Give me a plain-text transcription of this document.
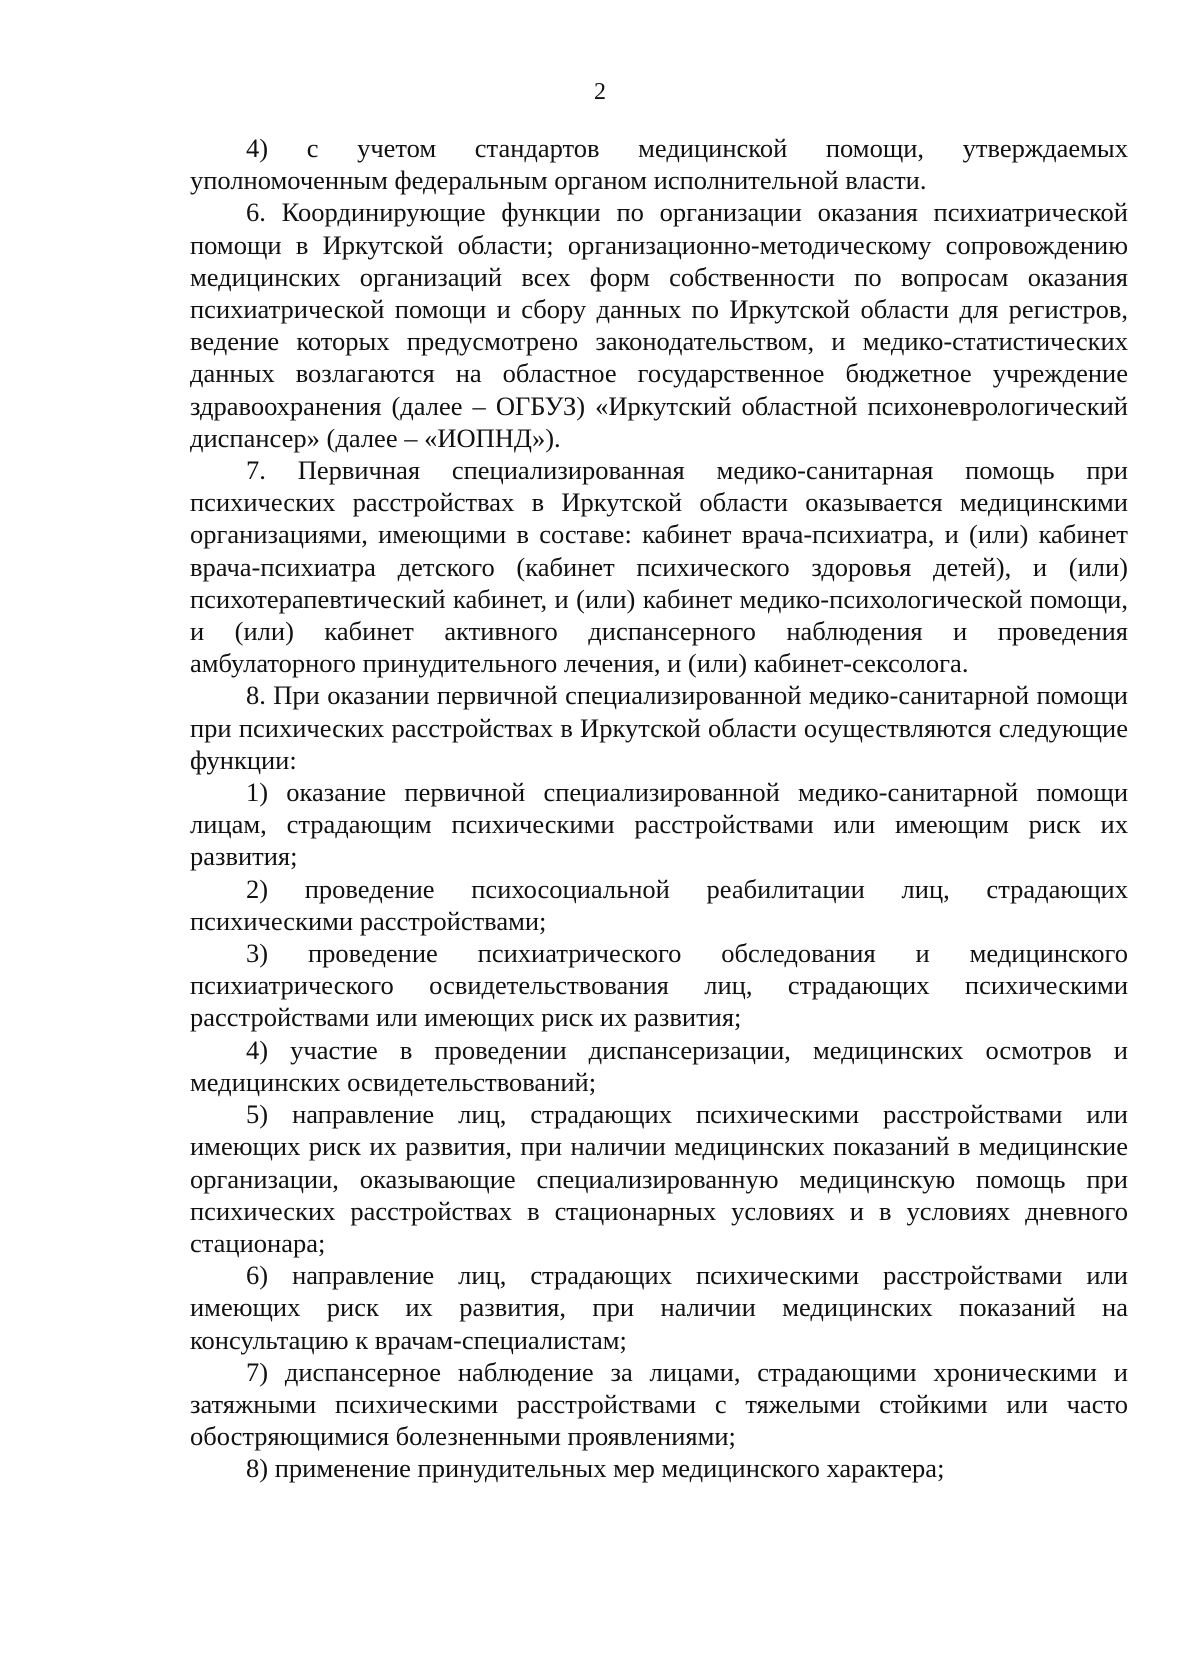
2

4) с учетом стандартов медицинской помощи, утверждаемых уполномоченным федеральным органом исполнительной власти.

6. Координирующие функции по организации оказания психиатрической помощи в Иркутской области; организационно-методическому сопровождению медицинских организаций всех форм собственности по вопросам оказания психиатрической помощи и сбору данных по Иркутской области для регистров, ведение которых предусмотрено законодательством, и медико-статистических данных возлагаются на областное государственное бюджетное учреждение здравоохранения (далее – ОГБУЗ) «Иркутский областной психоневрологический диспансер» (далее – «ИОПНД»).

7. Первичная специализированная медико-санитарная помощь при психических расстройствах в Иркутской области оказывается медицинскими организациями, имеющими в составе: кабинет врача-психиатра, и (или) кабинет врача-психиатра детского (кабинет психического здоровья детей), и (или) психотерапевтический кабинет, и (или) кабинет медико-психологической помощи, и (или) кабинет активного диспансерного наблюдения и проведения амбулаторного принудительного лечения, и (или) кабинет-сексолога.

8. При оказании первичной специализированной медико-санитарной помощи при психических расстройствах в Иркутской области осуществляются следующие функции:

1) оказание первичной специализированной медико-санитарной помощи лицам, страдающим психическими расстройствами или имеющим риск их развития;

2) проведение психосоциальной реабилитации лиц, страдающих психическими расстройствами;

3) проведение психиатрического обследования и медицинского психиатрического освидетельствования лиц, страдающих психическими расстройствами или имеющих риск их развития;

4) участие в проведении диспансеризации, медицинских осмотров и медицинских освидетельствований;

5) направление лиц, страдающих психическими расстройствами или имеющих риск их развития, при наличии медицинских показаний в медицинские организации, оказывающие специализированную медицинскую помощь при психических расстройствах в стационарных условиях и в условиях дневного стационара;

6) направление лиц, страдающих психическими расстройствами или имеющих риск их развития, при наличии медицинских показаний на консультацию к врачам-специалистам;

7) диспансерное наблюдение за лицами, страдающими хроническими и затяжными психическими расстройствами с тяжелыми стойкими или часто обостряющимися болезненными проявлениями;

8) применение принудительных мер медицинского характера;
